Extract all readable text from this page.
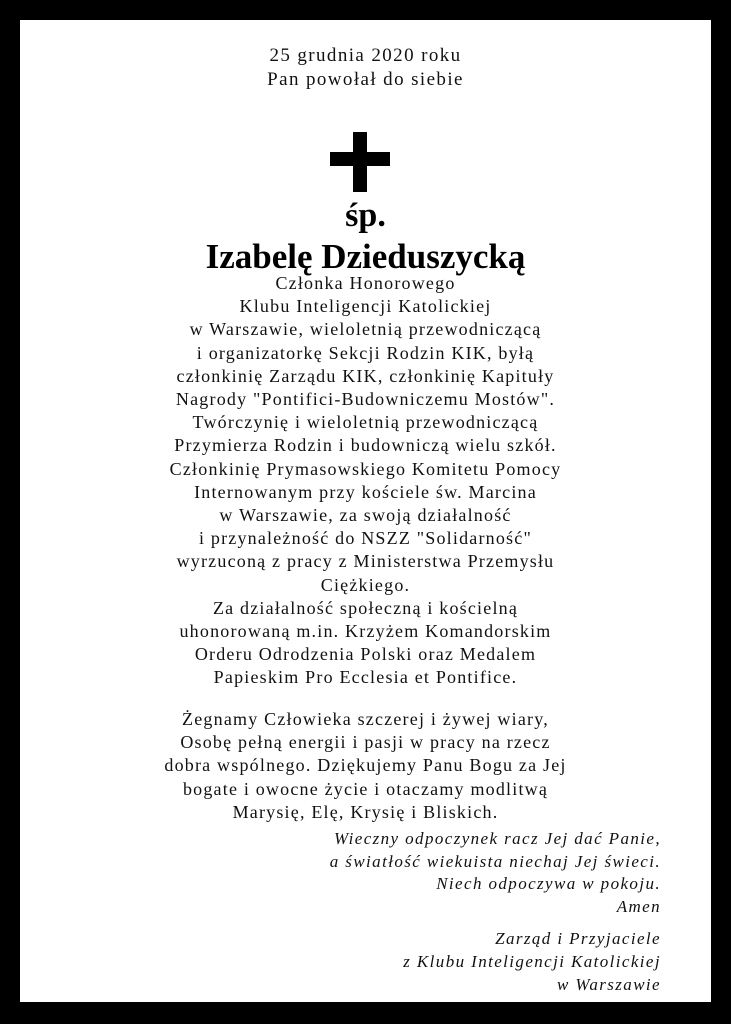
25 grudnia 2020 roku

Pan powołał do siebie

śp.

Izabelę Dzieduszycką

Członka Honorowego

Klubu Inteligencji Katolickiej

w Warszawie, wieloletnią przewodniczącą

i organizatorkę Sekcji Rodzin KIK, byłą

członkinię Zarządu KIK, członkinię Kapituły

Nagrody "Pontifici-Budowniczemu Mostów".

Twórczynię i wieloletnią przewodniczącą

Przymierza Rodzin i budowniczą wielu szkół.

Członkinię Prymasowskiego Komitetu Pomocy

Internowanym przy kościele św. Marcina

w Warszawie, za swoją działalność

i przynależność do NSZZ "Solidarność"

wyrzuconą z pracy z Ministerstwa Przemysłu

Ciężkiego.

Za działalność społeczną i kościelną

uhonorowaną m.in. Krzyżem Komandorskim

Orderu Odrodzenia Polski oraz Medalem

Papieskim Pro Ecclesia et Pontifice.

Żegnamy Człowieka szczerej i żywej wiary,

Osobę pełną energii i pasji w pracy na rzecz

dobra wspólnego. Dziękujemy Panu Bogu za Jej

bogate i owocne życie i otaczamy modlitwą

Marysię, Elę, Krysię i Bliskich.

Wieczny odpoczynek racz Jej dać Panie,

a światłość wiekuista niechaj Jej świeci.

Niech odpoczywa w pokoju.

Amen

Zarząd i Przyjaciele

z Klubu Inteligencji Katolickiej

w Warszawie
